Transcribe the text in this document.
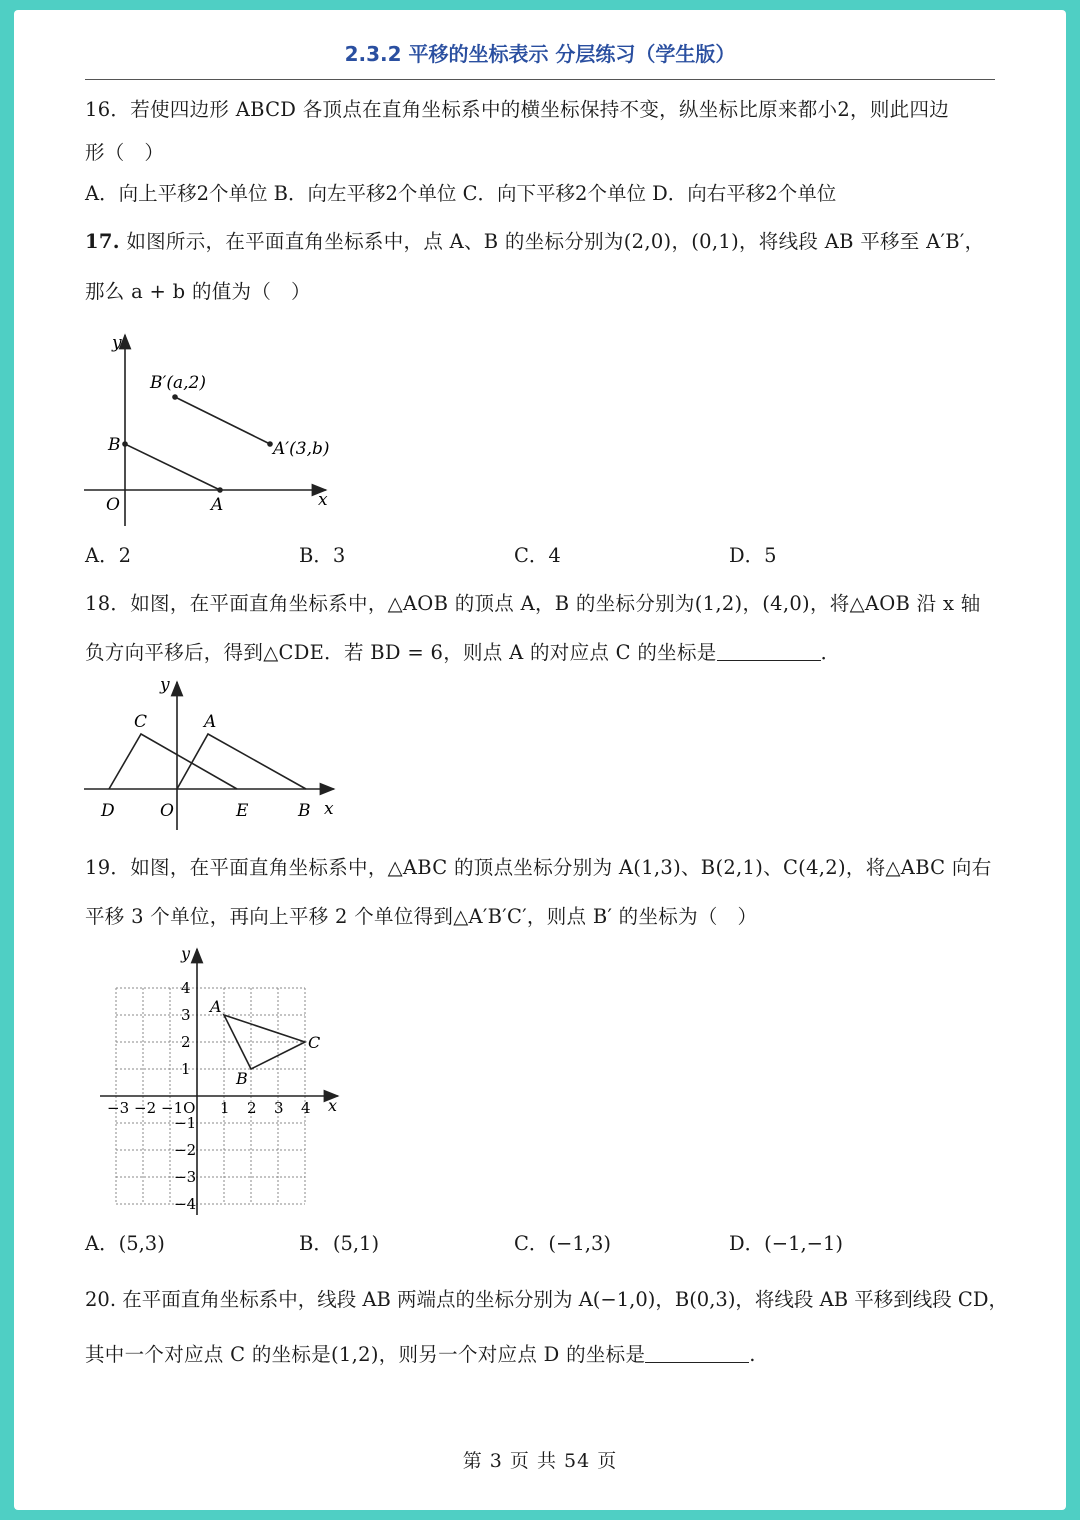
2.3.2 平移的坐标表示 分层练习（学生版）
16．若使四边形 ABCD 各顶点在直角坐标系中的横坐标保持不变，纵坐标比原来都小2，则此四边
形（　）
A．向上平移2个单位 B．向左平移2个单位 C．向下平移2个单位 D．向右平移2个单位
17. 如图所示，在平面直角坐标系中，点 A、B 的坐标分别为(2,0)，(0,1)，将线段 AB 平移至 A′B′，
那么 a + b 的值为（　）
y
x
O	A
B
B′(a,2)
A′(3,b)
A．2	B．3	C．4	D．5
18．如图，在平面直角坐标系中，△AOB 的顶点 A，B 的坐标分别为(1,2)，(4,0)，将△AOB 沿 x 轴
负方向平移后，得到△CDE．若 BD = 6，则点 A 的对应点 C 的坐标是	．
y
x
C	A
D	O	E	B
19．如图，在平面直角坐标系中，△ABC 的顶点坐标分别为 A(1,3)、B(2,1)、C(4,2)，将△ABC 向右
平移 3 个单位，再向上平移 2 个单位得到△A′B′C′，则点 B′ 的坐标为（　）
y
x
A
B
C
−3 −2 −1O 1 2 3 4
4
3
2
1
−1
−2
−3
−4
A．(5,3)	B．(5,1)	C．(−1,3)	D．(−1,−1)
20. 在平面直角坐标系中，线段 AB 两端点的坐标分别为 A(−1,0)，B(0,3)，将线段 AB 平移到线段 CD，
其中一个对应点 C 的坐标是(1,2)，则另一个对应点 D 的坐标是	.
第 3 页 共 54 页
